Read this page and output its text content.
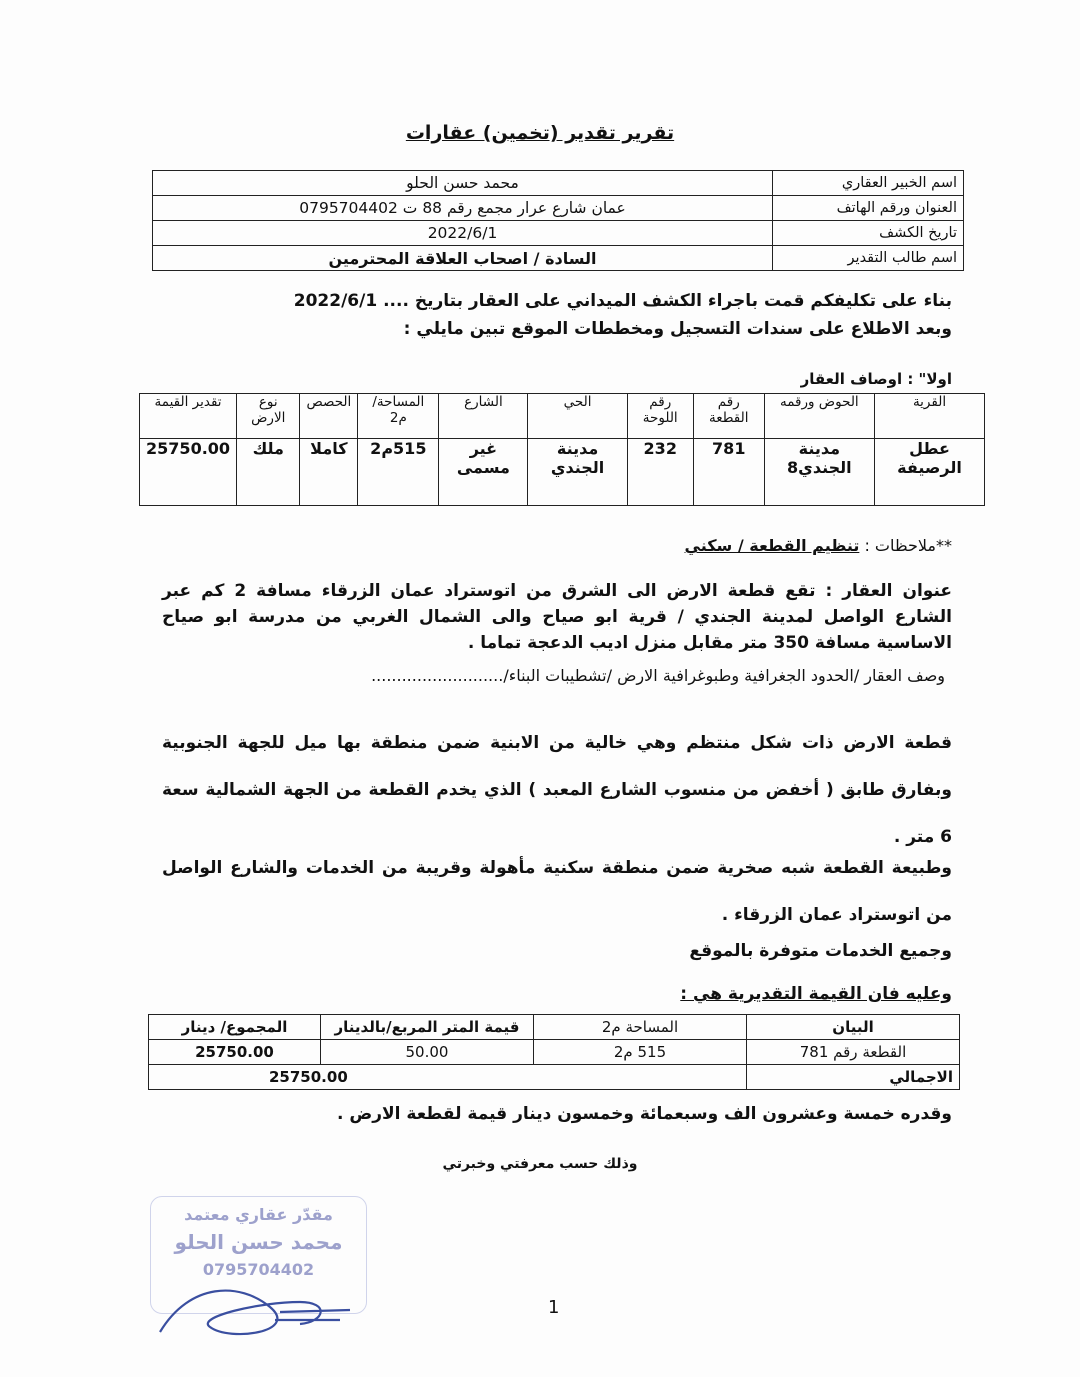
تقرير تقدير (تخمين) عقارات
اسم الخبير العقاري	محمد حسن الحلو
العنوان ورقم الهاتف	عمان شارع عرار مجمع رقم 88 ت 0795704402
تاريخ الكشف	2022/6/1
اسم طالب التقدير	السادة / اصحاب العلاقة المحترمين
بناء على تكليفكم قمت باجراء الكشف الميداني على العقار بتاريخ .... 2022/6/1
وبعد الاطلاع على سندات التسجيل ومخططات الموقع تبين مايلي :
اولا" : اوصاف العقار
القرية	الحوض ورقمه	رقم القطعة	رقم اللوحة	الحي	الشارع	المساحة/ م2	الحصص	نوع الارض	تقدير القيمة
عطل الرصيفة	مدينة الجندي8	781	232	مدينة الجندي	غير مسمى	515م2	كاملا	ملك	25750.00
**ملاحظات : تنظيم القطعة / سكني
عنوان العقار : تقع قطعة الارض الى الشرق من اتوستراد عمان الزرقاء مسافة 2 كم عبر الشارع الواصل لمدينة الجندي / قرية ابو صياح والى الشمال الغربي من مدرسة ابو صياح الاساسية مسافة 350 متر مقابل منزل اديب الدعجة تماما .
وصف العقار /الحدود الجغرافية وطبوغرافية الارض /تشطيبات البناء/..........................
قطعة الارض ذات شكل منتظم وهي خالية من الابنية ضمن منطقة بها ميل للجهة الجنوبية وبفارق طابق ( أخفض من منسوب الشارع المعبد ) الذي يخدم القطعة من الجهة الشمالية سعة 6 متر .
وطبيعة القطعة شبه صخرية ضمن منطقة سكنية مأهولة وقريبة من الخدمات والشارع الواصل من اتوستراد عمان الزرقاء .
وجميع الخدمات متوفرة بالموقع
وعليه فان القيمة التقديرية هي :
البيان	المساحة م2	قيمة المتر المربع/بالدينار	المجموع/ دينار
القطعة رقم 781	515 م2	50.00	25750.00
الاجمالي	25750.00		
وقدره خمسة وعشرون الف وسبعمائة وخمسون دينار قيمة لقطعة الارض .
وذلك حسب معرفتي وخبرتي
مقدّر عقاري معتمد
محمد حسن الحلو
0795704402
1
